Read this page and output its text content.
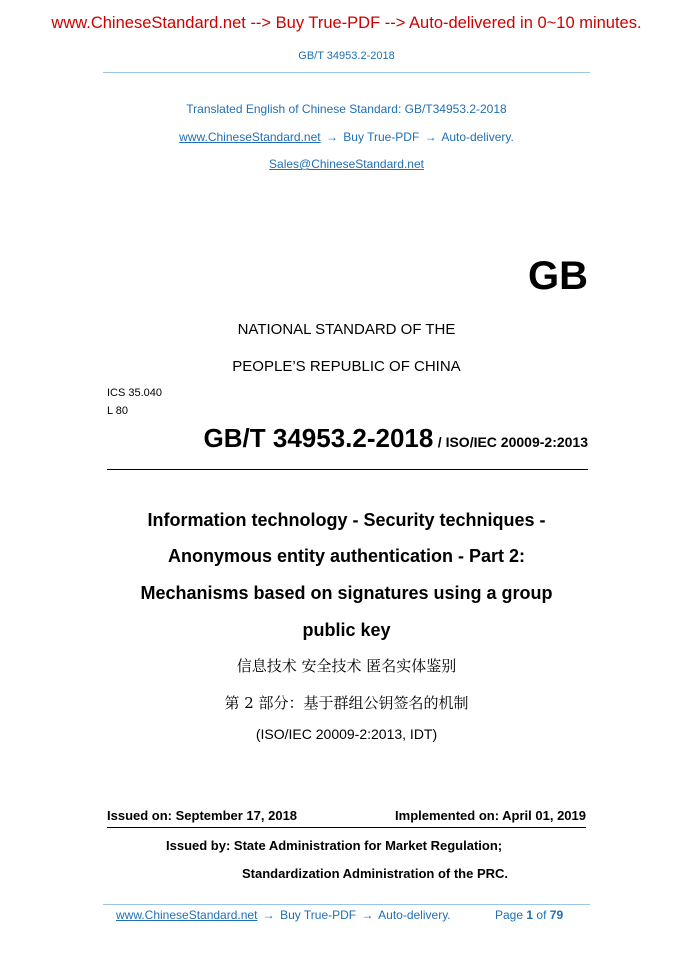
www.ChineseStandard.net --> Buy True-PDF --> Auto-delivered in 0~10 minutes.
GB/T 34953.2-2018
Translated English of Chinese Standard: GB/T34953.2-2018
www.ChineseStandard.net → Buy True-PDF → Auto-delivery.
Sales@ChineseStandard.net
GB
NATIONAL STANDARD OF THE
PEOPLE’S REPUBLIC OF CHINA
ICS 35.040
L 80
GB/T 34953.2-2018 / ISO/IEC 20009-2:2013
Information technology - Security techniques -
Anonymous entity authentication - Part 2:
Mechanisms based on signatures using a group
public key
信息技术 安全技术 匿名实体鉴别
第 2 部分：基于群组公钥签名的机制
(ISO/IEC 20009-2:2013, IDT)
Issued on: September 17, 2018	Implemented on: April 01, 2019
Issued by: State Administration for Market Regulation;
Standardization Administration of the PRC.
www.ChineseStandard.net → Buy True-PDF → Auto-delivery.	Page 1 of 79
